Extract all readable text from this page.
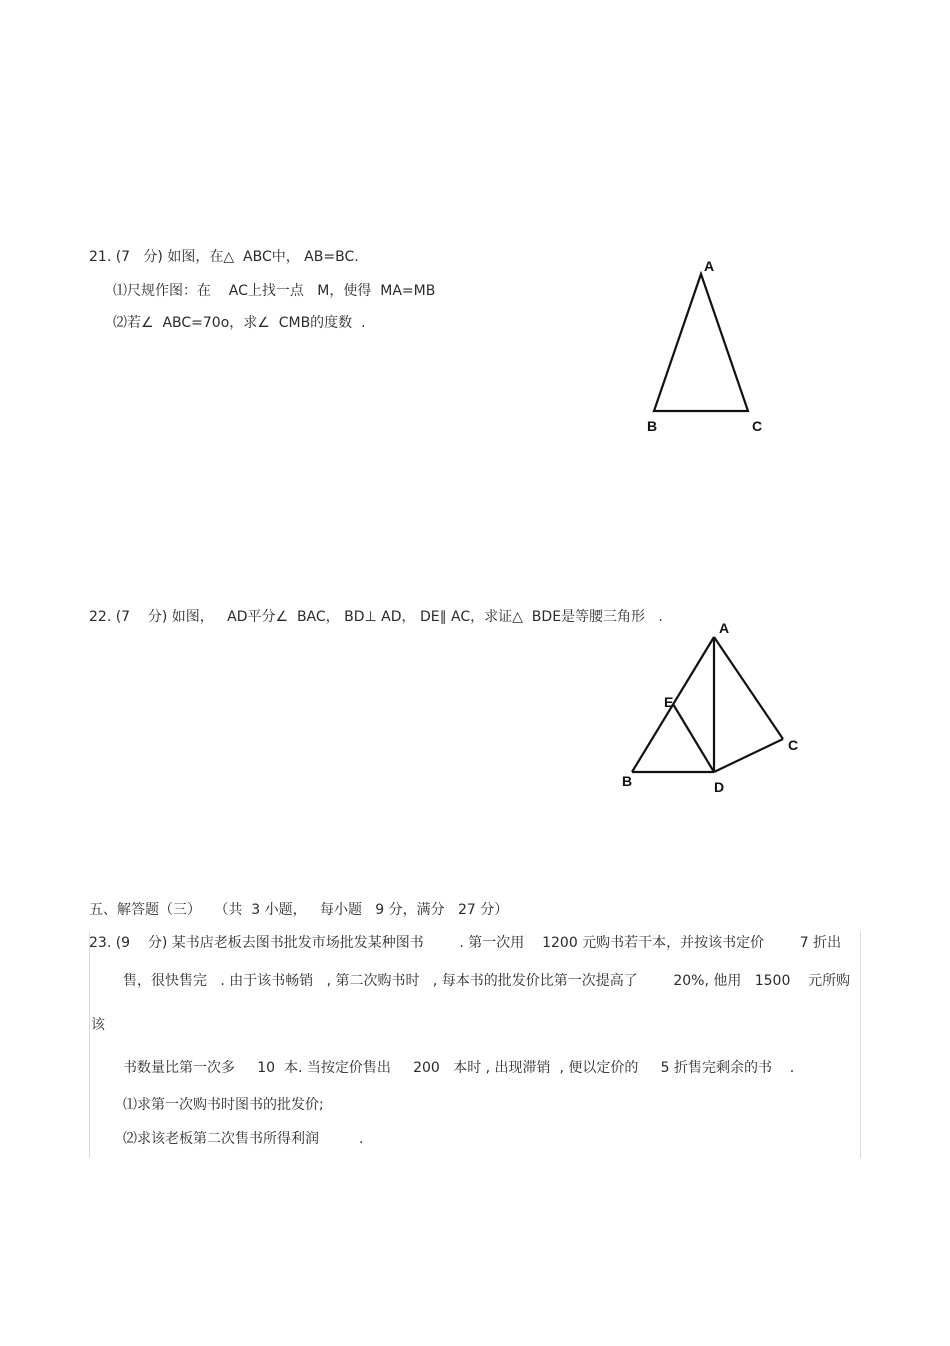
21. (7   分) 如图，在△  ABC中， AB=BC.
⑴尺规作图：在    AC上找一点   M，使得  MA=MB
⑵若∠  ABC=70o，求∠  CMB的度数  .
A
B	C
22. (7    分) 如图，   AD平分∠  BAC， BD⊥ AD， DE∥ AC，求证△  BDE是等腰三角形   .
A
E
C
B	D
五、解答题（三）   （共  3 小题，   每小题   9 分，满分   27 分）
23. (9    分) 某书店老板去图书批发市场批发某种图书        . 第一次用    1200 元购书若干本，并按该书定价        7 折出
售，很快售完   . 由于该书畅销   , 第二次购书时   , 每本书的批发价比第一次提高了        20%, 他用   1500    元所购
该
书数量比第一次多     10  本. 当按定价售出     200   本时 , 出现滞销  , 便以定价的     5 折售完剩余的书    .
⑴求第一次购书时图书的批发价;
⑵求该老板第二次售书所得利润         .
